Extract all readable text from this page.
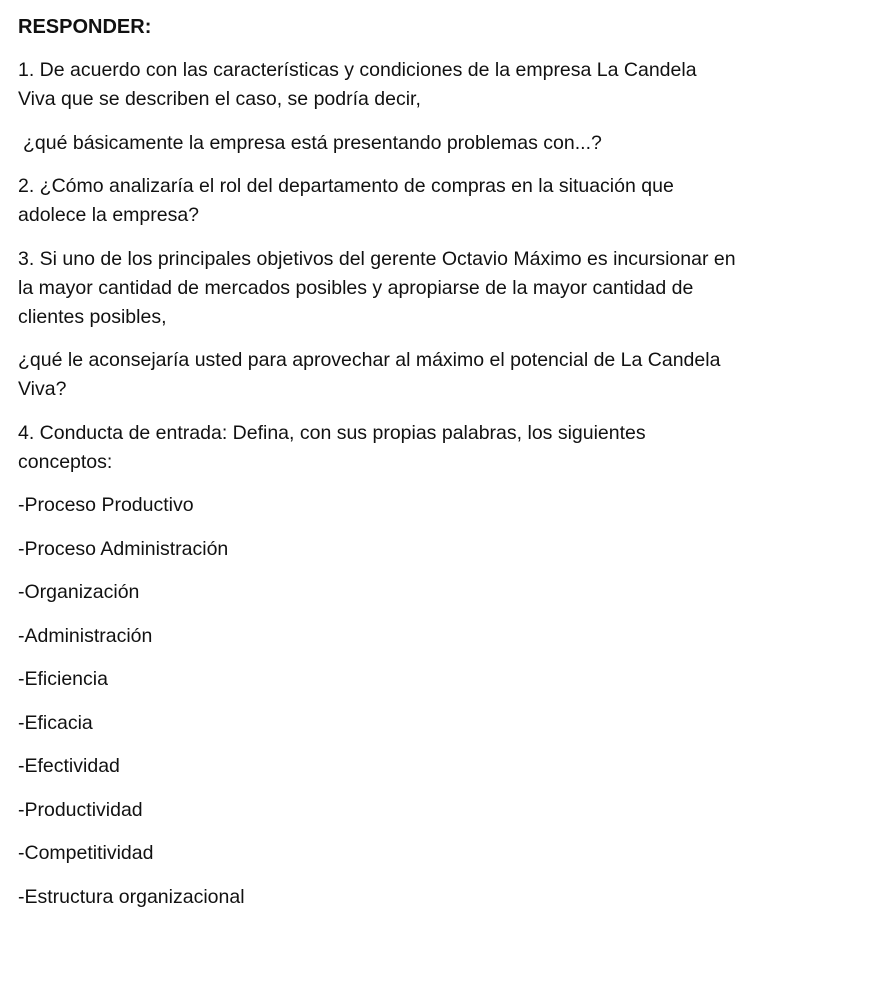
RESPONDER:
1. De acuerdo con las características y condiciones de la empresa La Candela
Viva que se describen el caso, se podría decir,
¿qué básicamente la empresa está presentando problemas con...?
2. ¿Cómo analizaría el rol del departamento de compras en la situación que
adolece la empresa?
3. Si uno de los principales objetivos del gerente Octavio Máximo es incursionar en
la mayor cantidad de mercados posibles y apropiarse de la mayor cantidad de
clientes posibles,
¿qué le aconsejaría usted para aprovechar al máximo el potencial de La Candela
Viva?
4. Conducta de entrada: Defina, con sus propias palabras, los siguientes
conceptos:
-Proceso Productivo
-Proceso Administración
-Organización
-Administración
-Eficiencia
-Eficacia
-Efectividad
-Productividad
-Competitividad
-Estructura organizacional
